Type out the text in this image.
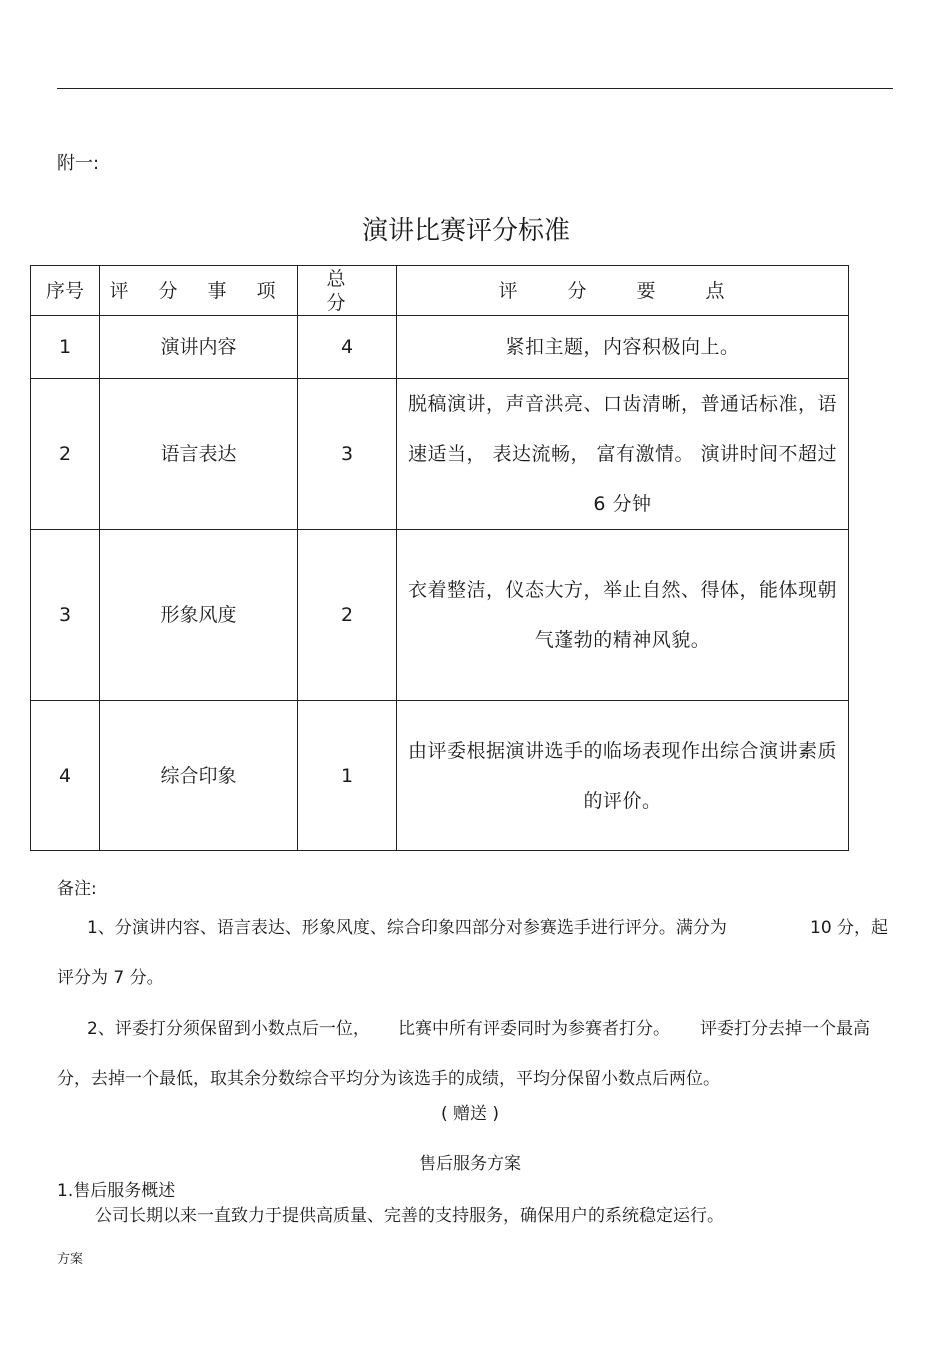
附一:
演讲比赛评分标准
序号	评 分 事 项	总 分	评 分 要 点
1	演讲内容	4	紧扣主题，内容积极向上。
2	语言表达	3	脱稿演讲，声音洪亮、口齿清晰，普通话标准，语速适当， 表达流畅， 富有激情。 演讲时间不超过 6 分钟
3	形象风度	2	衣着整洁，仪态大方，举止自然、得体，能体现朝气蓬勃的精神风貌。
4	综合印象	1	由评委根据演讲选手的临场表现作出综合演讲素质的评价。
备注:
1、分演讲内容、语言表达、形象风度、综合印象四部分对参赛选手进行评分。满分为	10 分，起
评分为 7 分。
2、评委打分须保留到小数点后一位， 比赛中所有评委同时为参赛者打分。 评委打分去掉一个最高
分，去掉一个最低，取其余分数综合平均分为该选手的成绩，平均分保留小数点后两位。
( 赠送 )
售后服务方案
1.售后服务概述
公司长期以来一直致力于提供高质量、完善的支持服务，确保用户的系统稳定运行。
方案
